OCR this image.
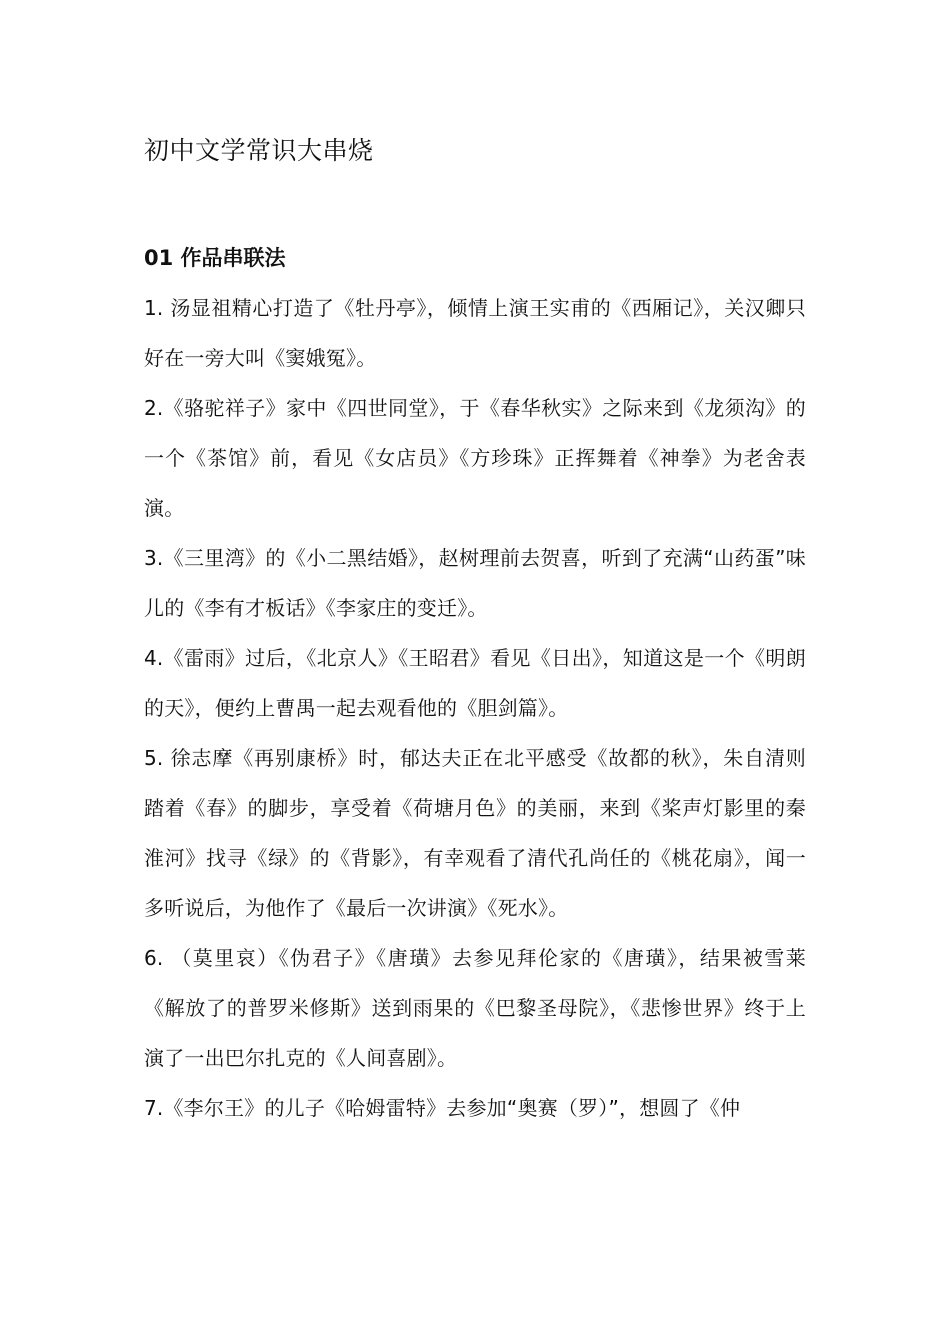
初中文学常识大串烧
01 作品串联法

1. 汤显祖精心打造了《牡丹亭》，倾情上演王实甫的《西厢记》，关汉卿只好在一旁大叫《窦娥冤》。

2.《骆驼祥子》家中《四世同堂》，于《春华秋实》之际来到《龙须沟》的一个《茶馆》前，看见《女店员》《方珍珠》正挥舞着《神拳》为老舍表演。

3.《三里湾》的《小二黑结婚》，赵树理前去贺喜，听到了充满“山药蛋”味儿的《李有才板话》《李家庄的变迁》。

4.《雷雨》过后，《北京人》《王昭君》看见《日出》，知道这是一个《明朗的天》，便约上曹禺一起去观看他的《胆剑篇》。

5. 徐志摩《再别康桥》时，郁达夫正在北平感受《故都的秋》，朱自清则踏着《春》的脚步，享受着《荷塘月色》的美丽，来到《桨声灯影里的秦淮河》找寻《绿》的《背影》，有幸观看了清代孔尚任的《桃花扇》，闻一多听说后，为他作了《最后一次讲演》《死水》。

6. （莫里哀）《伪君子》《唐璜》去参见拜伦家的《唐璜》，结果被雪莱《解放了的普罗米修斯》送到雨果的《巴黎圣母院》，《悲惨世界》终于上演了一出巴尔扎克的《人间喜剧》。

7.《李尔王》的儿子《哈姆雷特》去参加“奥赛（罗）”，想圆了《仲
